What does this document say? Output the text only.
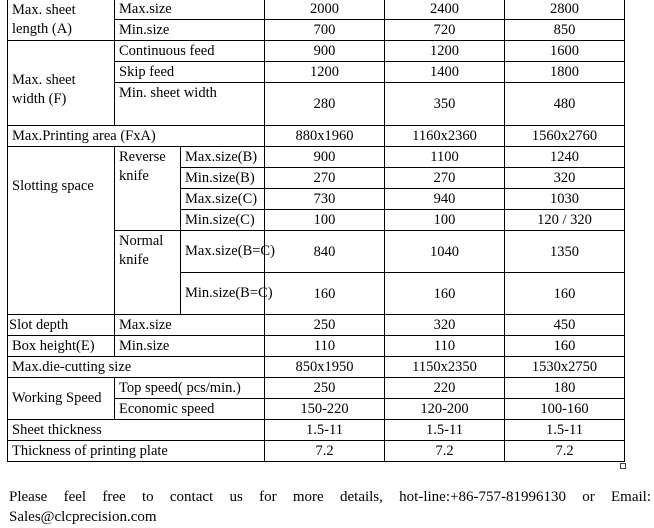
Max. sheet length (A)	Max.size		2000	2400	2800
	Min.size		700	720	850
Max. sheet width (F)	Continuous feed		900	1200	1600
	Skip feed		1200	1400	1800
	Min. sheet width		280	350	480
Max.Printing area (FxA)			880x1960	1160x2360	1560x2760
Slotting space	Reverse knife	Max.size(B)	900	1100	1240
		Min.size(B)	270	270	320
		Max.size(C)	730	940	1030
		Min.size(C)	100	100	120 / 320
	Normal knife	Max.size(B=C)	840	1040	1350
		Min.size(B=C)	160	160	160
Slot depth	Max.size		250	320	450
Box height(E)	Min.size		110	110	160
Max.die-cutting size			850x1950	1150x2350	1530x2750
Working Speed	Top speed( pcs/min.)		250	220	180
	Economic speed		150-220	120-200	100-160
Sheet thickness			1.5-11	1.5-11	1.5-11
Thickness of printing plate			7.2	7.2	7.2

Please feel free to contact us for more details, hot-line:+86-757-81996130 or Email: Sales@clcprecision.com
